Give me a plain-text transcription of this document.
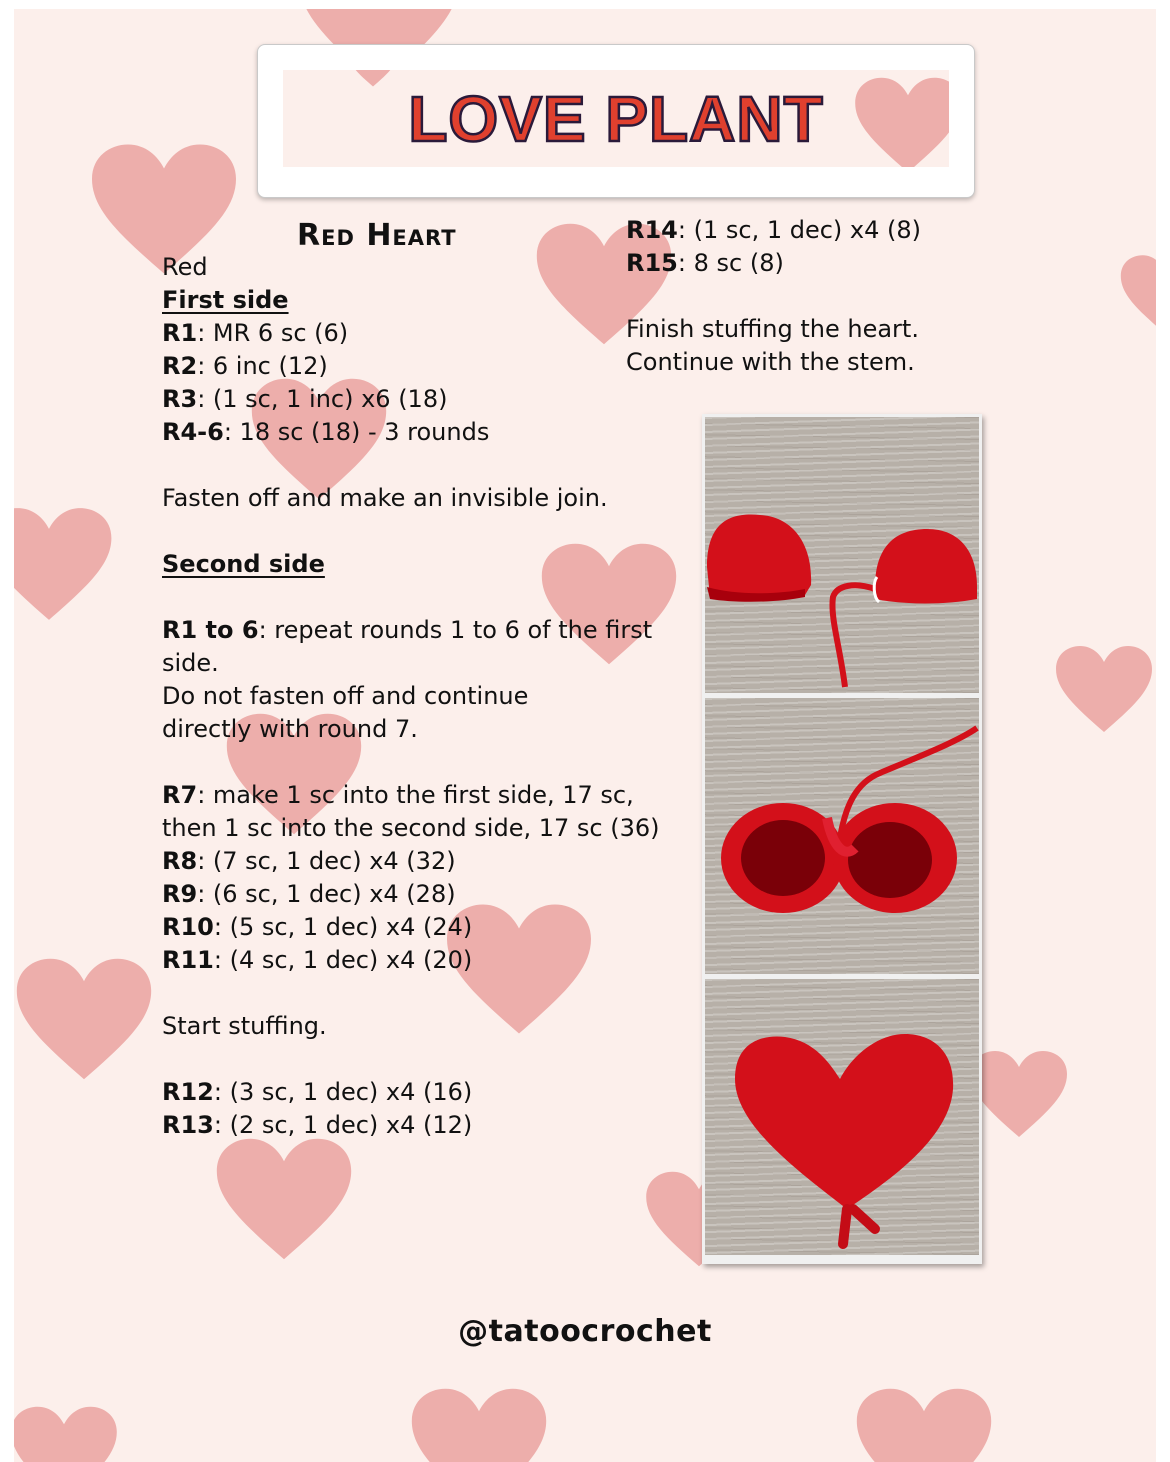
LOVE PLANT
Red Heart
Red
First side
R1: MR 6 sc (6)
R2: 6 inc (12)
R3: (1 sc, 1 inc) x6 (18)
R4-6: 18 sc (18) - 3 rounds
Fasten off and make an invisible join.
Second side
R1 to 6: repeat rounds 1 to 6 of the first side.
Do not fasten off and continue directly with round 7.
R7: make 1 sc into the first side, 17 sc, then 1 sc into the second side, 17 sc (36)
R8: (7 sc, 1 dec) x4 (32)
R9: (6 sc, 1 dec) x4 (28)
R10: (5 sc, 1 dec) x4 (24)
R11: (4 sc, 1 dec) x4 (20)
Start stuffing.
R12: (3 sc, 1 dec) x4 (16)
R13: (2 sc, 1 dec) x4 (12)
R14: (1 sc, 1 dec) x4 (8)
R15: 8 sc (8)
Finish stuffing the heart.
Continue with the stem.
@tatoocrochet
